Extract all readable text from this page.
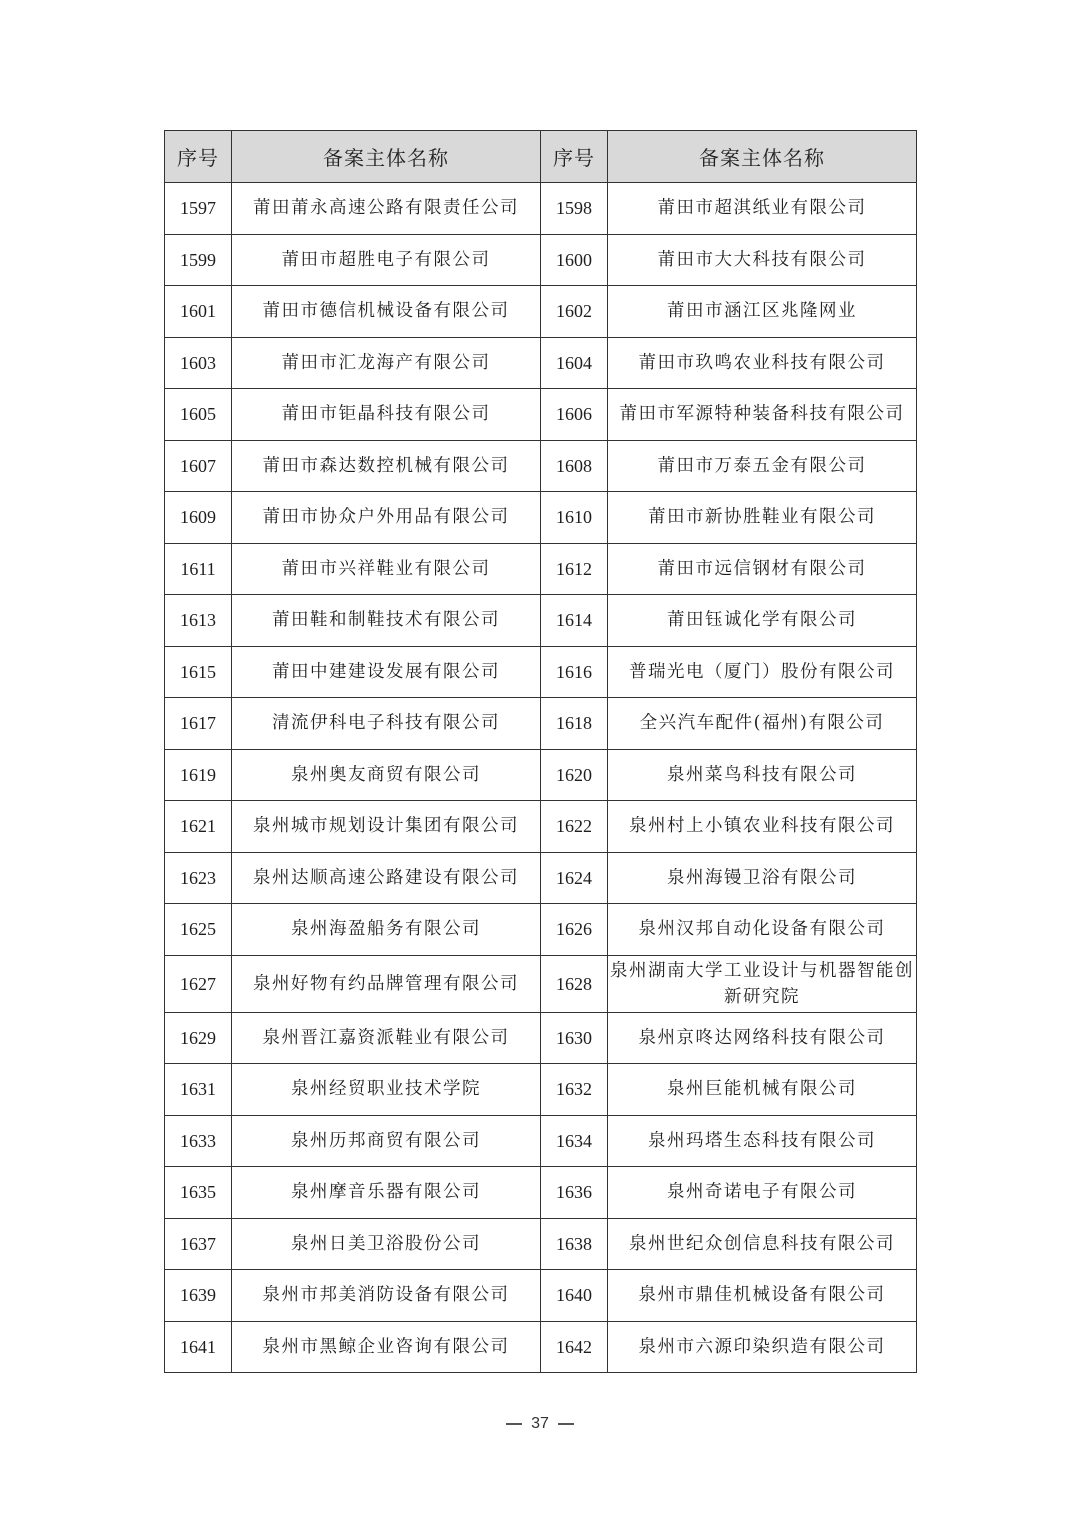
序号	备案主体名称	序号	备案主体名称
1597	莆田莆永高速公路有限责任公司	1598	莆田市超淇纸业有限公司
1599	莆田市超胜电子有限公司	1600	莆田市大大科技有限公司
1601	莆田市德信机械设备有限公司	1602	莆田市涵江区兆隆网业
1603	莆田市汇龙海产有限公司	1604	莆田市玖鸣农业科技有限公司
1605	莆田市钜晶科技有限公司	1606	莆田市军源特种装备科技有限公司
1607	莆田市森达数控机械有限公司	1608	莆田市万泰五金有限公司
1609	莆田市协众户外用品有限公司	1610	莆田市新协胜鞋业有限公司
1611	莆田市兴祥鞋业有限公司	1612	莆田市远信钢材有限公司
1613	莆田鞋和制鞋技术有限公司	1614	莆田钰诚化学有限公司
1615	莆田中建建设发展有限公司	1616	普瑞光电（厦门）股份有限公司
1617	清流伊科电子科技有限公司	1618	全兴汽车配件(福州)有限公司
1619	泉州奥友商贸有限公司	1620	泉州菜鸟科技有限公司
1621	泉州城市规划设计集团有限公司	1622	泉州村上小镇农业科技有限公司
1623	泉州达顺高速公路建设有限公司	1624	泉州海镘卫浴有限公司
1625	泉州海盈船务有限公司	1626	泉州汉邦自动化设备有限公司
1627	泉州好物有约品牌管理有限公司	1628	泉州湖南大学工业设计与机器智能创新研究院
1629	泉州晋江嘉资派鞋业有限公司	1630	泉州京咚达网络科技有限公司
1631	泉州经贸职业技术学院	1632	泉州巨能机械有限公司
1633	泉州历邦商贸有限公司	1634	泉州玛塔生态科技有限公司
1635	泉州摩音乐器有限公司	1636	泉州奇诺电子有限公司
1637	泉州日美卫浴股份公司	1638	泉州世纪众创信息科技有限公司
1639	泉州市邦美消防设备有限公司	1640	泉州市鼎佳机械设备有限公司
1641	泉州市黑鲸企业咨询有限公司	1642	泉州市六源印染织造有限公司
37
